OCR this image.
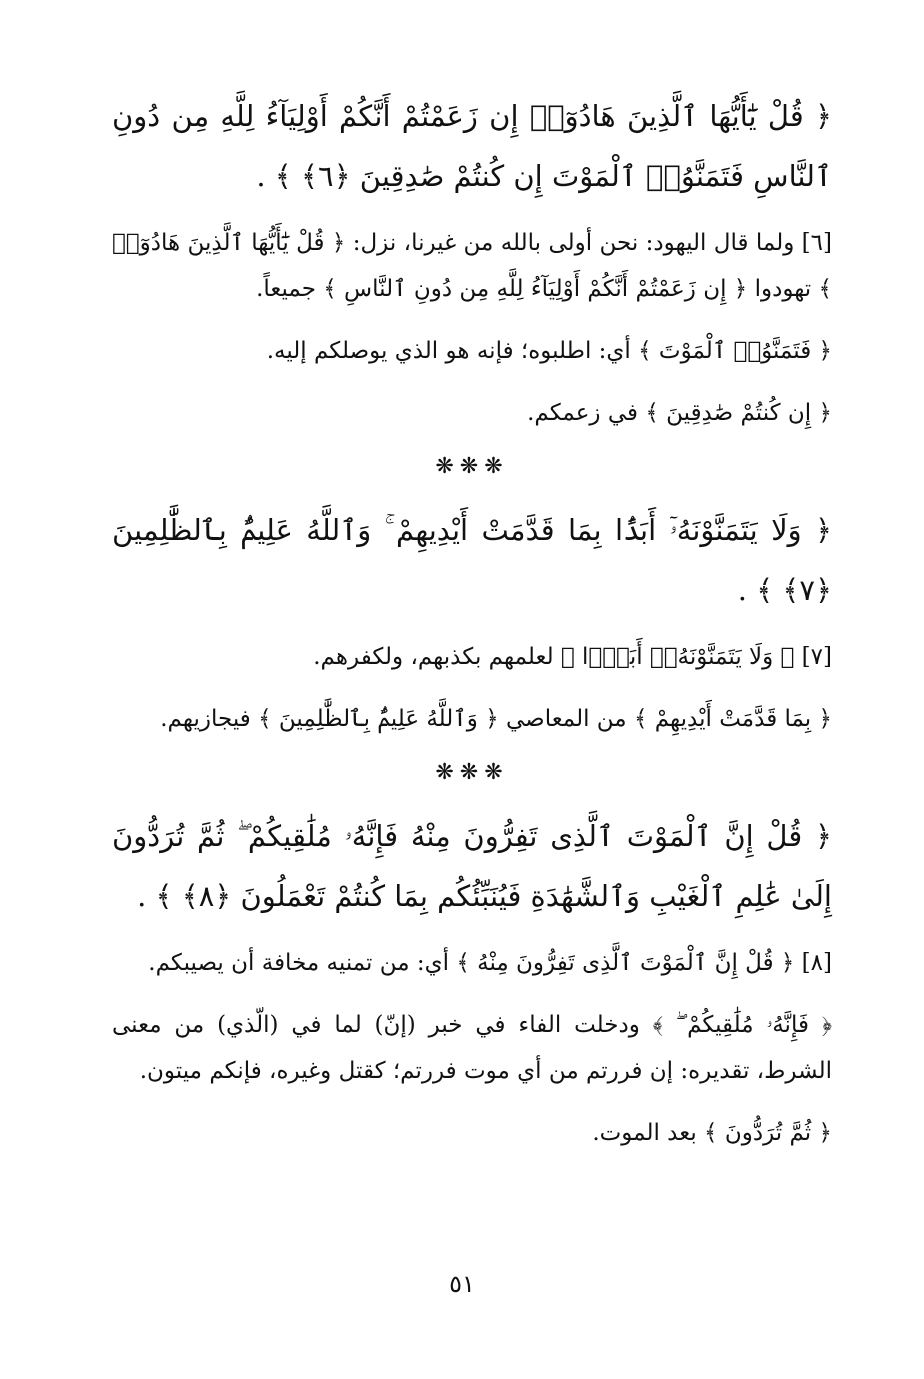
﴿ قُلْ يَٰٓأَيُّهَا ٱلَّذِينَ هَادُوٓا۟ إِن زَعَمْتُمْ أَنَّكُمْ أَوْلِيَآءُ لِلَّهِ مِن دُونِ ٱلنَّاسِ فَتَمَنَّوُا۟ ٱلْمَوْتَ إِن كُنتُمْ صَٰدِقِينَ ﴿٦﴾ ﴾ .

[٦] ولما قال اليهود: نحن أولى بالله من غيرنا، نزل: ﴿ قُلْ يَٰٓأَيُّهَا ٱلَّذِينَ هَادُوٓا۟ ﴾ تهودوا ﴿ إِن زَعَمْتُمْ أَنَّكُمْ أَوْلِيَآءُ لِلَّهِ مِن دُونِ ٱلنَّاسِ ﴾ جميعاً.

﴿ فَتَمَنَّوُا۟ ٱلْمَوْتَ ﴾ أي: اطلبوه؛ فإنه هو الذي يوصلكم إليه.

﴿ إِن كُنتُمْ صَٰدِقِينَ ﴾ في زعمكم.

❋❋❋

﴿ وَلَا يَتَمَنَّوْنَهُۥٓ أَبَدًۢا بِمَا قَدَّمَتْ أَيْدِيهِمْ ۚ وَٱللَّهُ عَلِيمٌۢ بِٱلظَّٰلِمِينَ ﴿٧﴾ ﴾ .

[٧] ﴿ وَلَا يَتَمَنَّوْنَهُۥٓ أَبَدًۢا ﴾ لعلمهم بكذبهم، ولكفرهم.

﴿ بِمَا قَدَّمَتْ أَيْدِيهِمْ ﴾ من المعاصي ﴿ وَٱللَّهُ عَلِيمٌۢ بِٱلظَّٰلِمِينَ ﴾ فيجازيهم.

❋❋❋

﴿ قُلْ إِنَّ ٱلْمَوْتَ ٱلَّذِى تَفِرُّونَ مِنْهُ فَإِنَّهُۥ مُلَٰقِيكُمْ ۖ ثُمَّ تُرَدُّونَ إِلَىٰ عَٰلِمِ ٱلْغَيْبِ وَٱلشَّهَٰدَةِ فَيُنَبِّئُكُم بِمَا كُنتُمْ تَعْمَلُونَ ﴿٨﴾ ﴾ .

[٨] ﴿ قُلْ إِنَّ ٱلْمَوْتَ ٱلَّذِى تَفِرُّونَ مِنْهُ ﴾ أي: من تمنيه مخافة أن يصيبكم.

﴿ فَإِنَّهُۥ مُلَٰقِيكُمْ ۖ ﴾ ودخلت الفاء في خبر (إنّ) لما في (الّذي) من معنى الشرط، تقديره: إن فررتم من أي موت فررتم؛ كقتل وغيره، فإنكم ميتون.

﴿ ثُمَّ تُرَدُّونَ ﴾ بعد الموت.

٥١
